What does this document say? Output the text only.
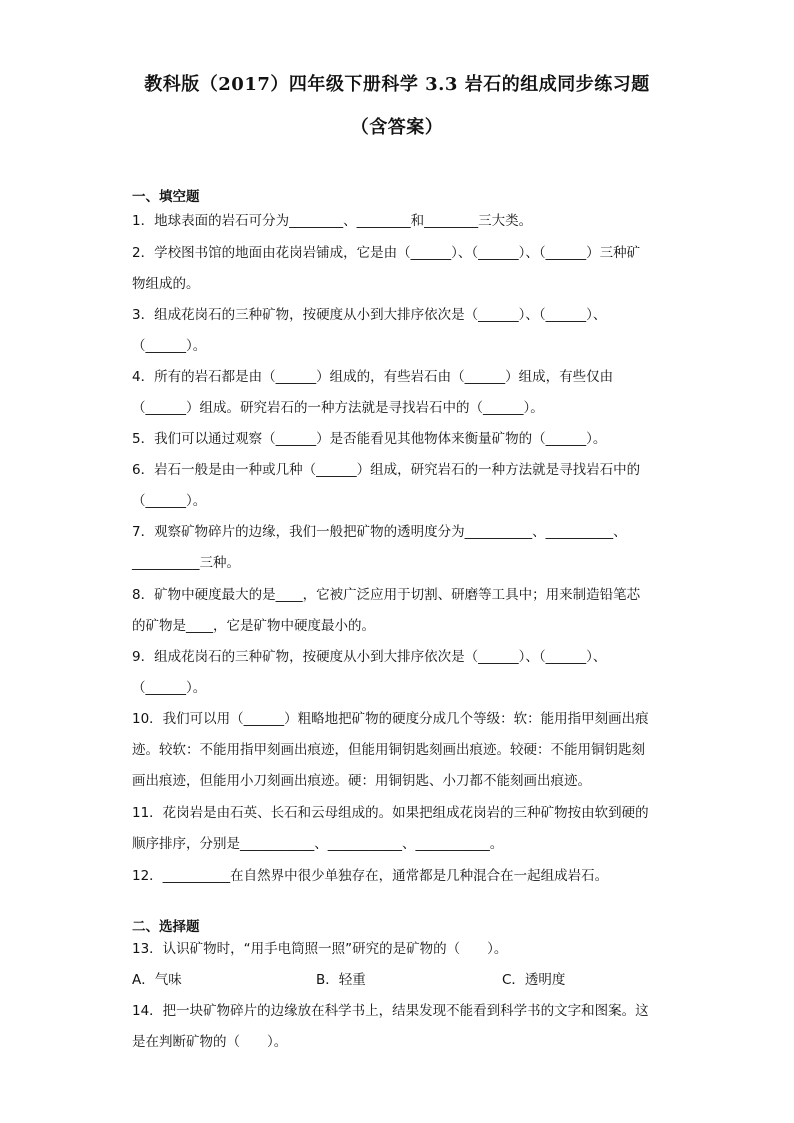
教科版（2017）四年级下册科学 3.3 岩石的组成同步练习题
（含答案）
一、填空题
1．地球表面的岩石可分为________、________和________三大类。
2．学校图书馆的地面由花岗岩铺成，它是由（______）、（______）、（______）三种矿
物组成的。
3．组成花岗石的三种矿物，按硬度从小到大排序依次是（______）、（______）、
（______）。
4．所有的岩石都是由（______）组成的，有些岩石由（______）组成，有些仅由
（______）组成。研究岩石的一种方法就是寻找岩石中的（______）。
5．我们可以通过观察（______）是否能看见其他物体来衡量矿物的（______）。
6．岩石一般是由一种或几种（______）组成，研究岩石的一种方法就是寻找岩石中的
（______）。
7．观察矿物碎片的边缘，我们一般把矿物的透明度分为__________、__________、
__________三种。
8．矿物中硬度最大的是____，它被广泛应用于切割、研磨等工具中；用来制造铅笔芯
的矿物是____，它是矿物中硬度最小的。
9．组成花岗石的三种矿物，按硬度从小到大排序依次是（______）、（______）、
（______）。
10．我们可以用（______）粗略地把矿物的硬度分成几个等级：软：能用指甲刻画出痕
迹。较软：不能用指甲刻画出痕迹，但能用铜钥匙刻画出痕迹。较硬：不能用铜钥匙刻
画出痕迹，但能用小刀刻画出痕迹。硬：用铜钥匙、小刀都不能刻画出痕迹。
11．花岗岩是由石英、长石和云母组成的。如果把组成花岗岩的三种矿物按由软到硬的
顺序排序，分别是___________、___________、___________。
12．__________在自然界中很少单独存在，通常都是几种混合在一起组成岩石。
二、选择题
13．认识矿物时，“用手电筒照一照”研究的是矿物的（　　）。
A．气味	B．轻重	C．透明度
14．把一块矿物碎片的边缘放在科学书上，结果发现不能看到科学书的文字和图案。这
是在判断矿物的（　　）。
